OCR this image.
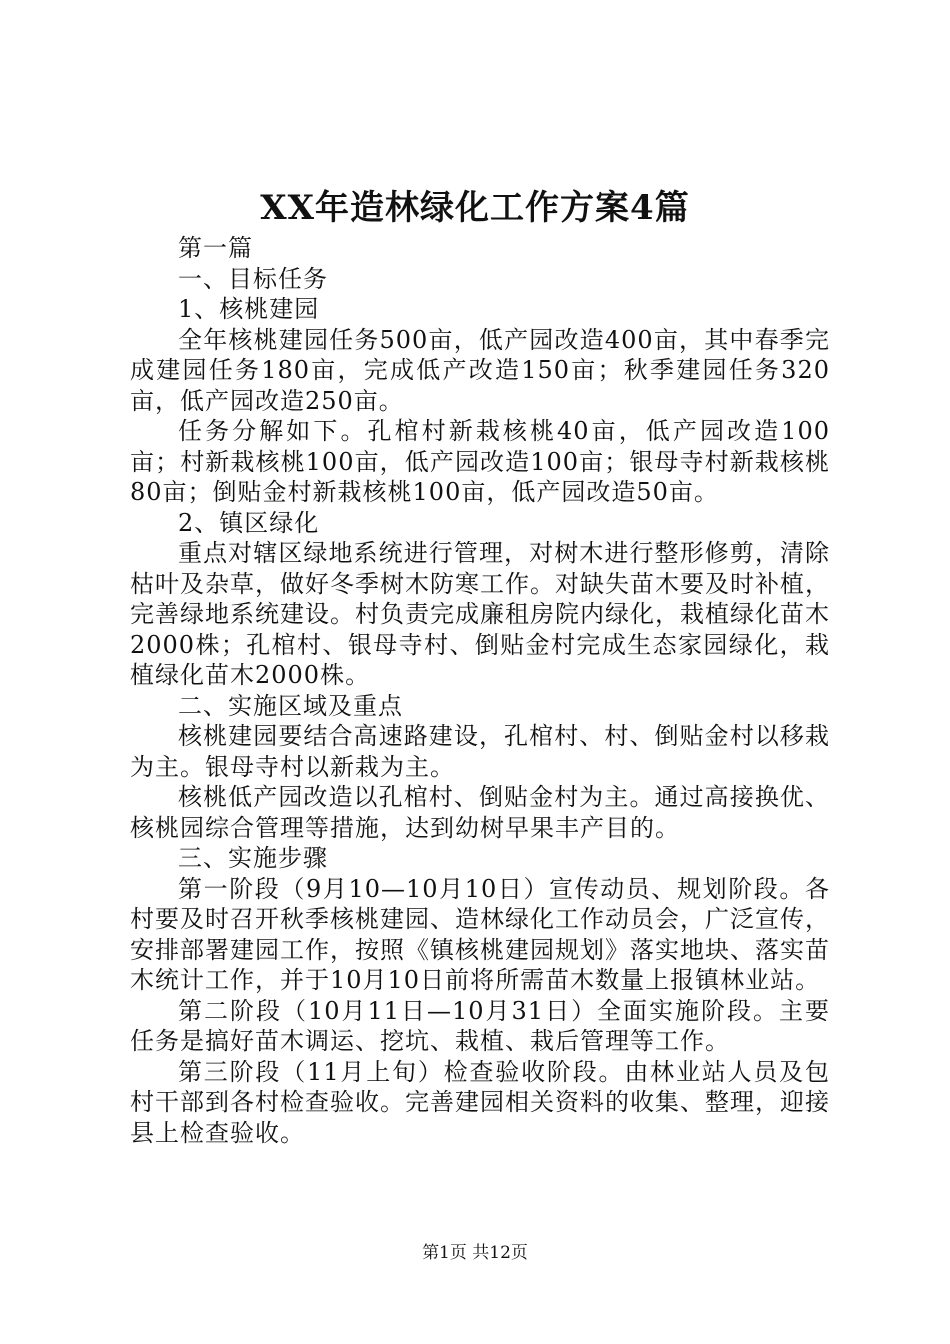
XX年造林绿化工作方案4篇

第一篇

一、目标任务

1、核桃建园

全年核桃建园任务500亩，低产园改造400亩，其中春季完成建园任务180亩，完成低产改造150亩；秋季建园任务320亩，低产园改造250亩。

任务分解如下。孔棺村新栽核桃40亩，低产园改造100亩；村新栽核桃100亩，低产园改造100亩；银母寺村新栽核桃80亩；倒贴金村新栽核桃100亩，低产园改造50亩。

2、镇区绿化

重点对辖区绿地系统进行管理，对树木进行整形修剪，清除枯叶及杂草，做好冬季树木防寒工作。对缺失苗木要及时补植，完善绿地系统建设。村负责完成廉租房院内绿化，栽植绿化苗木2000株；孔棺村、银母寺村、倒贴金村完成生态家园绿化，栽植绿化苗木2000株。

二、实施区域及重点

核桃建园要结合高速路建设，孔棺村、村、倒贴金村以移栽为主。银母寺村以新栽为主。

核桃低产园改造以孔棺村、倒贴金村为主。通过高接换优、核桃园综合管理等措施，达到幼树早果丰产目的。

三、实施步骤

第一阶段（9月10—10月10日）宣传动员、规划阶段。各村要及时召开秋季核桃建园、造林绿化工作动员会，广泛宣传，安排部署建园工作，按照《镇核桃建园规划》落实地块、落实苗木统计工作，并于10月10日前将所需苗木数量上报镇林业站。

第二阶段（10月11日—10月31日）全面实施阶段。主要任务是搞好苗木调运、挖坑、栽植、栽后管理等工作。

第三阶段（11月上旬）检查验收阶段。由林业站人员及包村干部到各村检查验收。完善建园相关资料的收集、整理，迎接县上检查验收。

第1页 共12页
